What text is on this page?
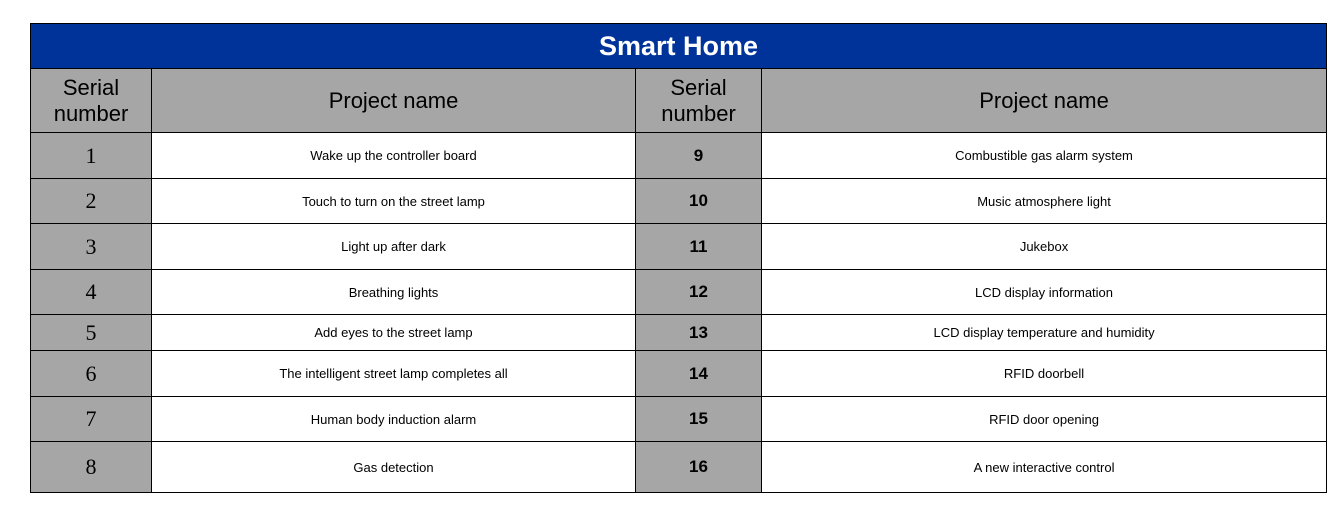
Smart Home			
Serial number	Project name	Serial number	Project name
1	Wake up the controller board	9	Combustible gas alarm system
2	Touch to turn on the street lamp	10	Music atmosphere light
3	Light up after dark	11	Jukebox
4	Breathing lights	12	LCD display information
5	Add eyes to the street lamp	13	LCD display temperature and humidity
6	The intelligent street lamp completes all	14	RFID doorbell
7	Human body induction alarm	15	RFID door opening
8	Gas detection	16	A new interactive control
